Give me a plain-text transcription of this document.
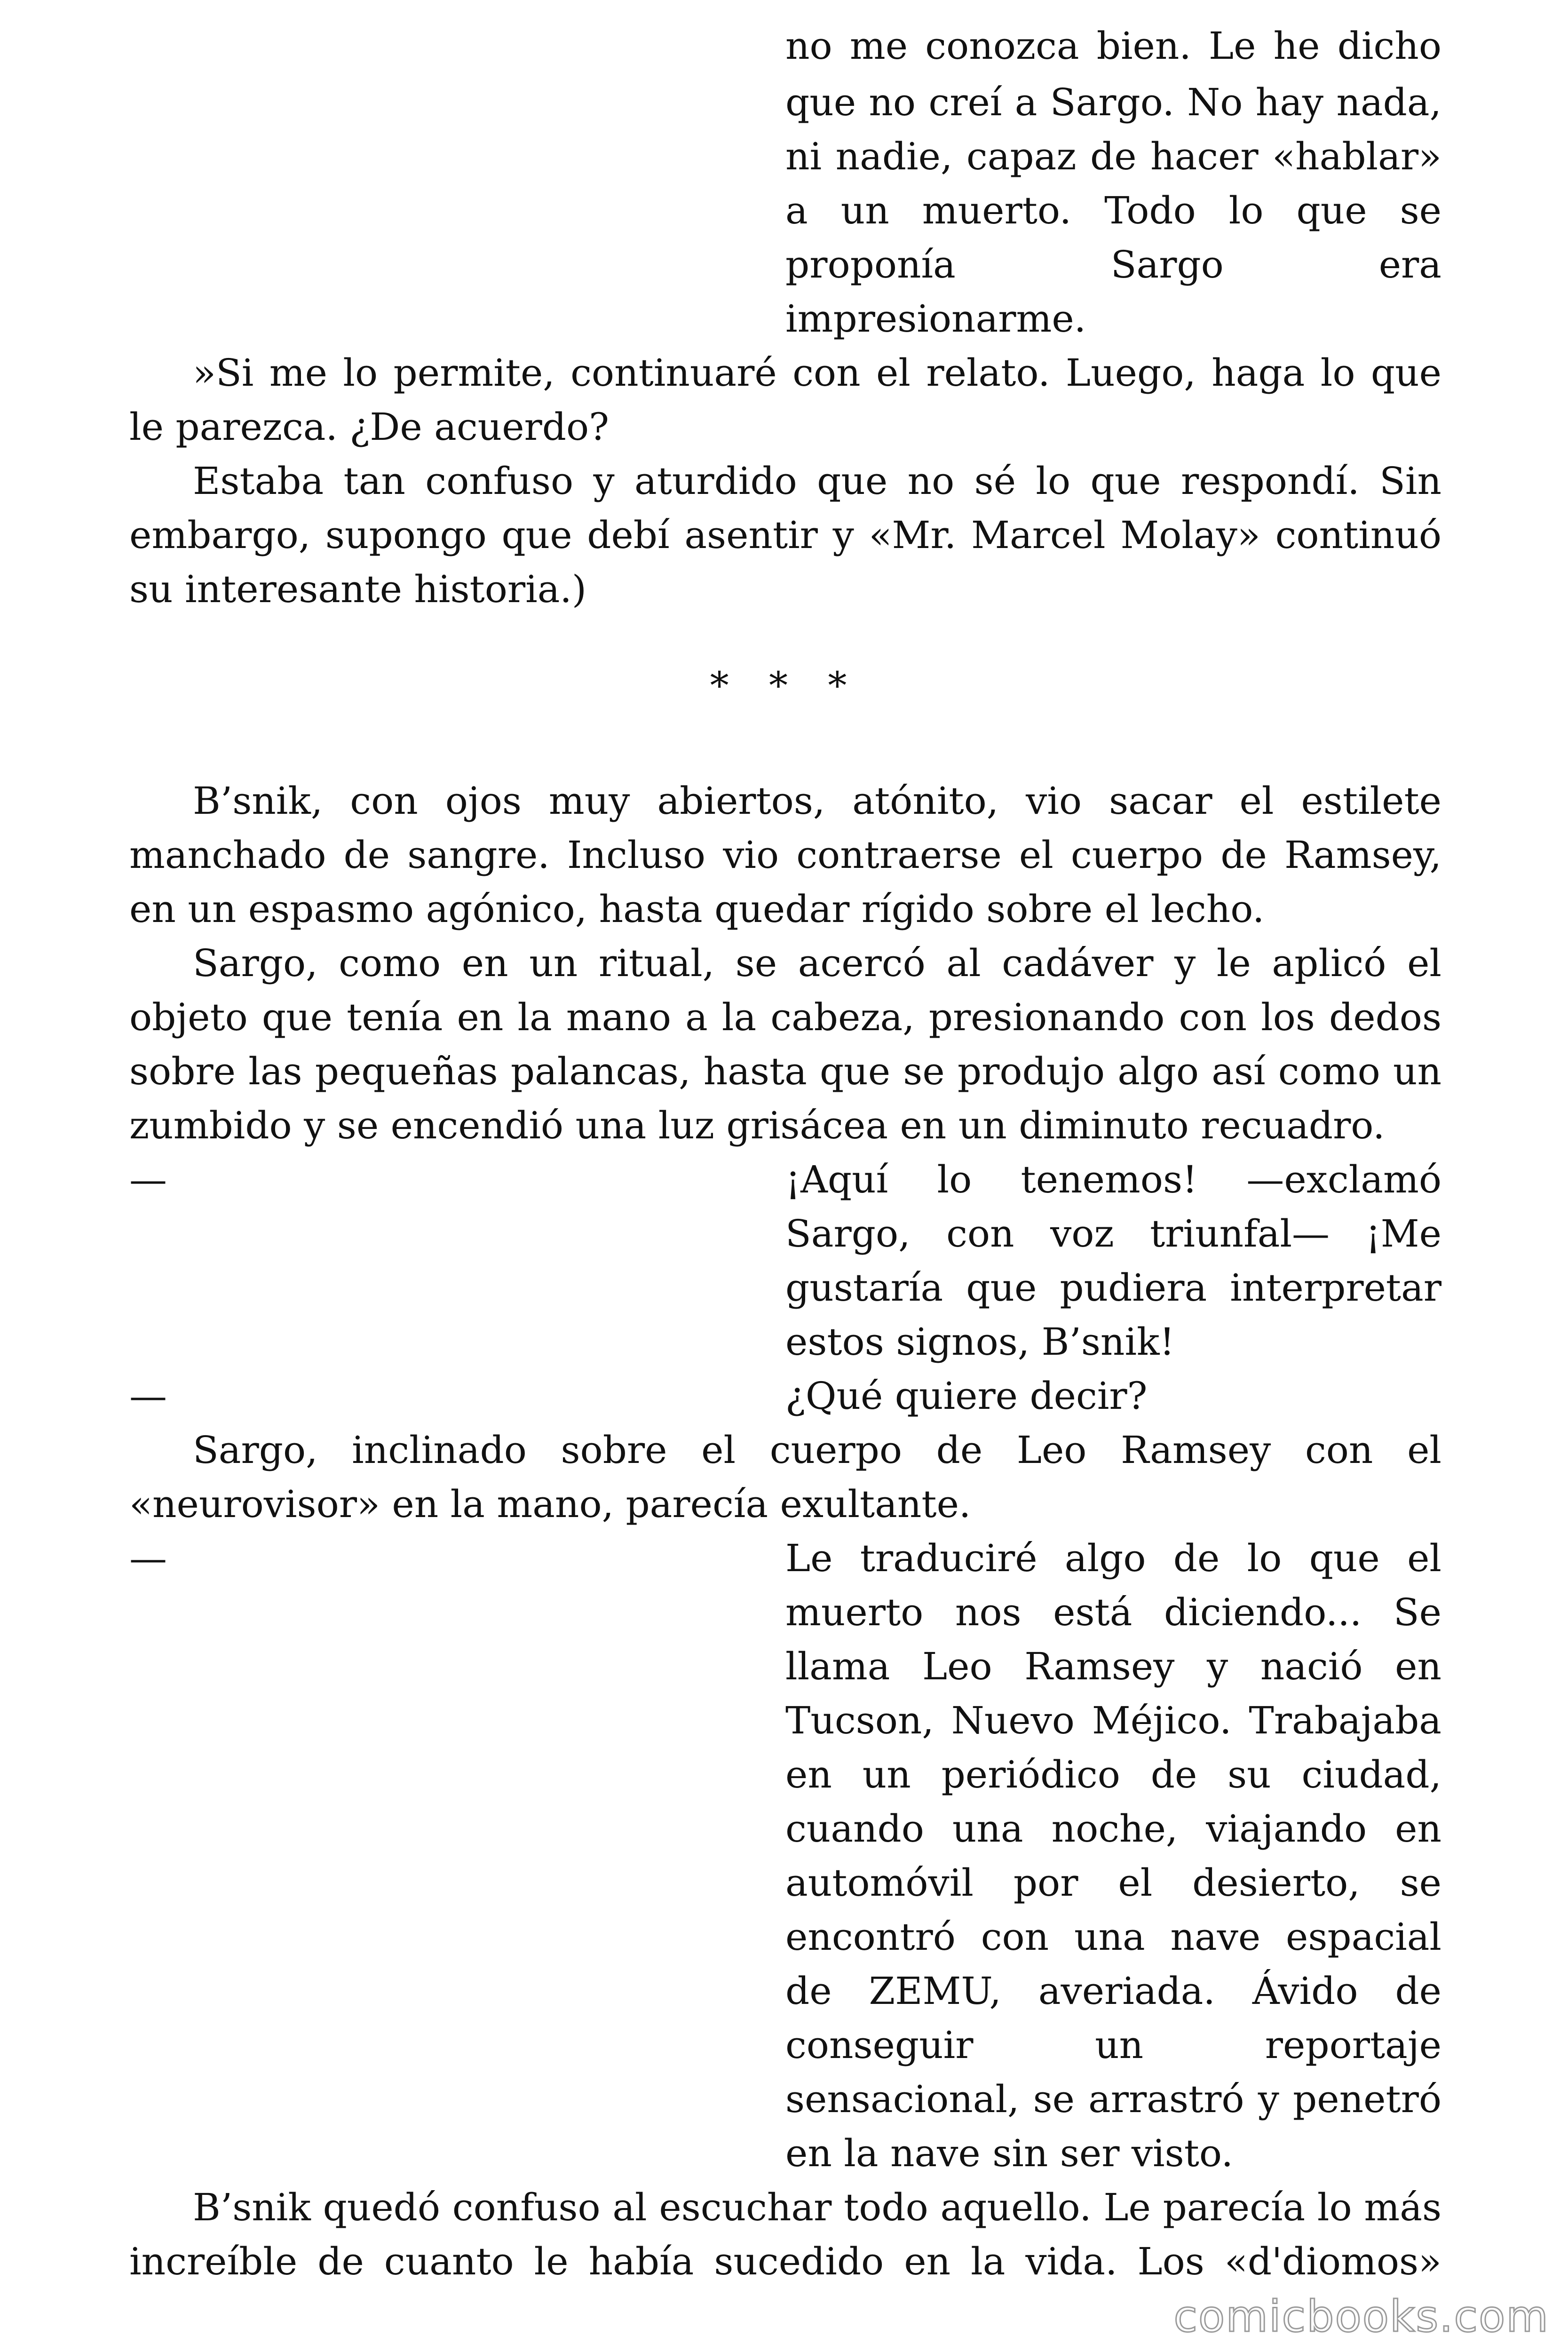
no me conozca bien. Le he dicho
que no creí a Sargo. No hay nada,
ni nadie, capaz de hacer «hablar»
a un muerto. Todo lo que se
proponía Sargo era
impresionarme.
»Si me lo permite, continuaré con el relato. Luego, haga lo que
le parezca. ¿De acuerdo?
Estaba tan confuso y aturdido que no sé lo que respondí. Sin
embargo, supongo que debí asentir y «Mr. Marcel Molay» continuó
su interesante historia.)
* * *
B’snik, con ojos muy abiertos, atónito, vio sacar el estilete
manchado de sangre. Incluso vio contraerse el cuerpo de Ramsey,
en un espasmo agónico, hasta quedar rígido sobre el lecho.
Sargo, como en un ritual, se acercó al cadáver y le aplicó el
objeto que tenía en la mano a la cabeza, presionando con los dedos
sobre las pequeñas palancas, hasta que se produjo algo así como un
zumbido y se encendió una luz grisácea en un diminuto recuadro.
—	¡Aquí lo tenemos! —exclamó
Sargo, con voz triunfal— ¡Me
gustaría que pudiera interpretar
estos signos, B’snik!
—	¿Qué quiere decir?
Sargo, inclinado sobre el cuerpo de Leo Ramsey con el
«neurovisor» en la mano, parecía exultante.
—	Le traduciré algo de lo que el
muerto nos está diciendo... Se
llama Leo Ramsey y nació en
Tucson, Nuevo Méjico. Trabajaba
en un periódico de su ciudad,
cuando una noche, viajando en
automóvil por el desierto, se
encontró con una nave espacial
de ZEMU, averiada. Ávido de
conseguir un reportaje
sensacional, se arrastró y penetró
en la nave sin ser visto.
B’snik quedó confuso al escuchar todo aquello. Le parecía lo más
increíble de cuanto le había sucedido en la vida. Los «d'diomos»
comicbooks.com
